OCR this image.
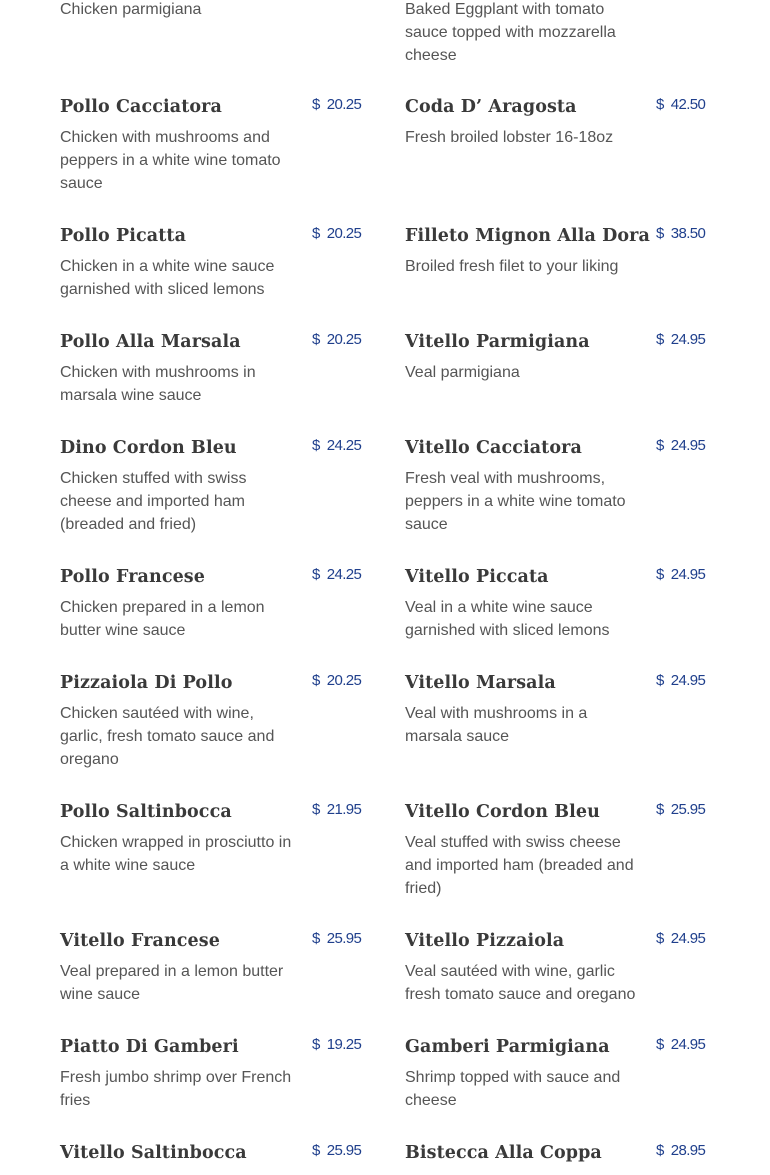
Chicken parmigiana	Baked Eggplant with tomato sauce topped with mozzarella cheese
Pollo Cacciatora	$ 20.25
Chicken with mushrooms and peppers in a white wine tomato sauce
Coda D’ Aragosta	$ 42.50
Fresh broiled lobster 16-18oz
Pollo Picatta	$ 20.25
Chicken in a white wine sauce garnished with sliced lemons
Filleto Mignon Alla Dora $ 38.50
Broiled fresh filet to your liking
Pollo Alla Marsala	$ 20.25
Chicken with mushrooms in marsala wine sauce
Vitello Parmigiana	$ 24.95
Veal parmigiana
Dino Cordon Bleu	$ 24.25
Chicken stuffed with swiss cheese and imported ham (breaded and fried)
Vitello Cacciatora	$ 24.95
Fresh veal with mushrooms, peppers in a white wine tomato sauce
Pollo Francese	$ 24.25
Chicken prepared in a lemon butter wine sauce
Vitello Piccata	$ 24.95
Veal in a white wine sauce garnished with sliced lemons
Pizzaiola Di Pollo	$ 20.25
Chicken sautéed with wine, garlic, fresh tomato sauce and oregano
Vitello Marsala	$ 24.95
Veal with mushrooms in a marsala sauce
Pollo Saltinbocca	$ 21.95
Chicken wrapped in prosciutto in a white wine sauce
Vitello Cordon Bleu	$ 25.95
Veal stuffed with swiss cheese and imported ham (breaded and fried)
Vitello Francese	$ 25.95
Veal prepared in a lemon butter wine sauce
Vitello Pizzaiola	$ 24.95
Veal sautéed with wine, garlic fresh tomato sauce and oregano
Piatto Di Gamberi	$ 19.25
Fresh jumbo shrimp over French fries
Gamberi Parmigiana	$ 24.95
Shrimp topped with sauce and cheese
Vitello Saltinbocca	$ 25.95 Bistecca Alla Coppa	$ 28.95
